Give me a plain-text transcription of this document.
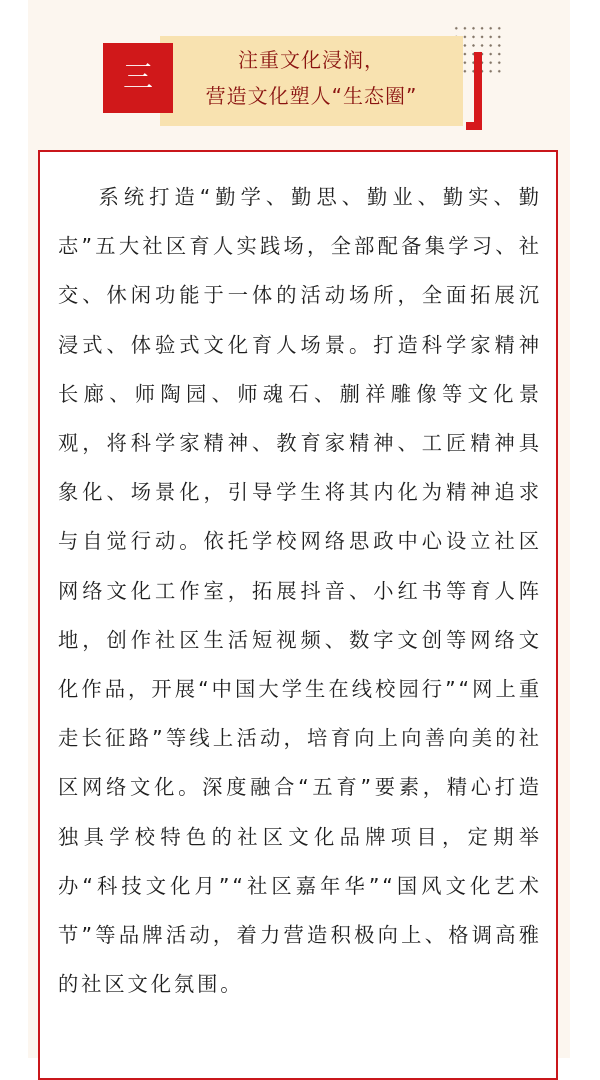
注重文化浸润，
营造文化塑人“生态圈”
三

系统打造“勤学、勤思、勤业、勤实、勤志”五大社区育人实践场，全部配备集学习、社交、休闲功能于一体的活动场所，全面拓展沉浸式、体验式文化育人场景。打造科学家精神长廊、师陶园、师魂石、蒯祥雕像等文化景观，将科学家精神、教育家精神、工匠精神具象化、场景化，引导学生将其内化为精神追求与自觉行动。依托学校网络思政中心设立社区网络文化工作室，拓展抖音、小红书等育人阵地，创作社区生活短视频、数字文创等网络文化作品，开展“中国大学生在线校园行”“网上重走长征路”等线上活动，培育向上向善向美的社区网络文化。深度融合“五育”要素，精心打造独具学校特色的社区文化品牌项目，定期举办“科技文化月”“社区嘉年华”“国风文化艺术节”等品牌活动，着力营造积极向上、格调高雅的社区文化氛围。
